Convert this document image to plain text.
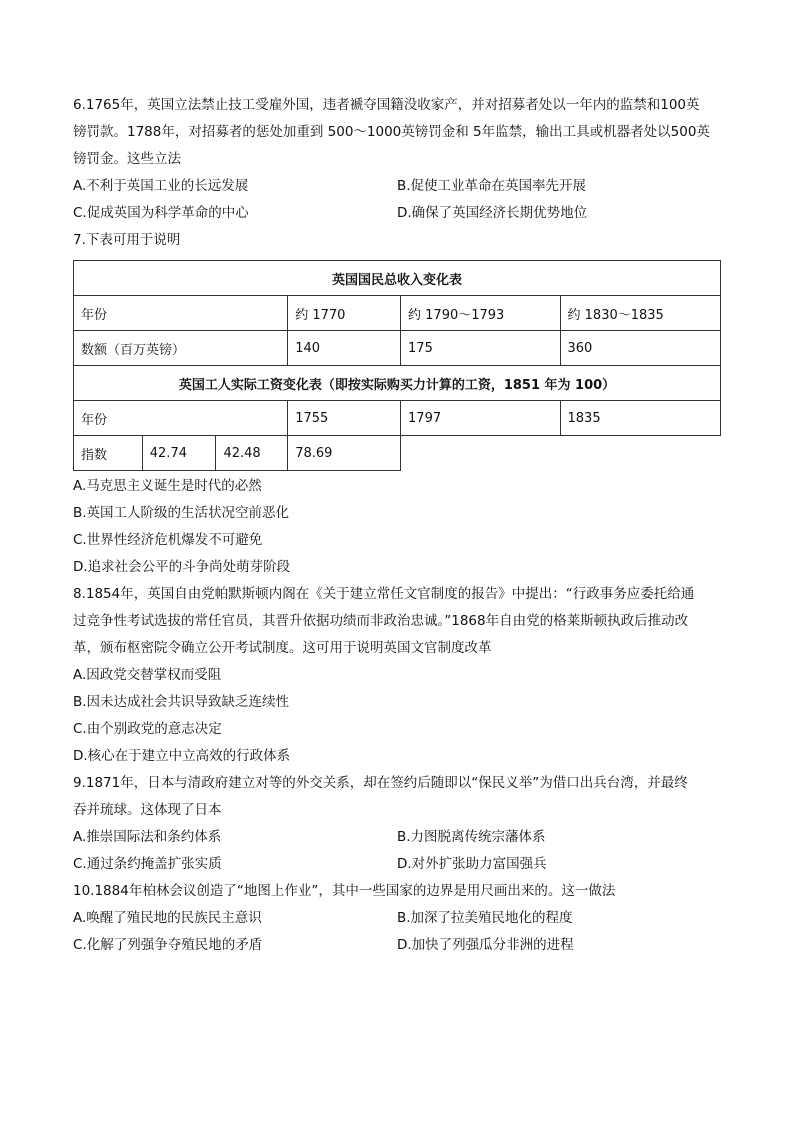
6.1765年，英国立法禁止技工受雇外国，违者褫夺国籍没收家产，并对招募者处以一年内的监禁和100英

镑罚款。1788年，对招募者的惩处加重到 500～1000英镑罚金和 5年监禁，输出工具或机器者处以500英

镑罚金。这些立法

A.不利于英国工业的长远发展	B.促使工业革命在英国率先开展
C.促成英国为科学革命的中心	D.确保了英国经济长期优势地位

7.下表可用于说明

英国国民总收入变化表					
年份			约 1770	约 1790～1793	约 1830～1835
数额（百万英镑）			140	175	360
英国工人实际工资变化表（即按实际购买力计算的工资，1851 年为 100）					
年份			1755	1797	1835
指数	42.74	42.48	78.69		

A.马克思主义诞生是时代的必然

B.英国工人阶级的生活状况空前恶化

C.世界性经济危机爆发不可避免

D.追求社会公平的斗争尚处萌芽阶段

8.1854年，英国自由党帕默斯顿内阁在《关于建立常任文官制度的报告》中提出：“行政事务应委托给通

过竞争性考试选拔的常任官员，其晋升依据功绩而非政治忠诚。”1868年自由党的格莱斯顿执政后推动改

革，颁布枢密院令确立公开考试制度。这可用于说明英国文官制度改革

A.因政党交替掌权而受阻

B.因未达成社会共识导致缺乏连续性

C.由个别政党的意志决定

D.核心在于建立中立高效的行政体系

9.1871年，日本与清政府建立对等的外交关系，却在签约后随即以“保民义举”为借口出兵台湾，并最终

吞并琉球。这体现了日本

A.推崇国际法和条约体系	B.力图脱离传统宗藩体系
C.通过条约掩盖扩张实质	D.对外扩张助力富国强兵

10.1884年柏林会议创造了“地图上作业”，其中一些国家的边界是用尺画出来的。这一做法

A.唤醒了殖民地的民族民主意识	B.加深了拉美殖民地化的程度
C.化解了列强争夺殖民地的矛盾	D.加快了列强瓜分非洲的进程
